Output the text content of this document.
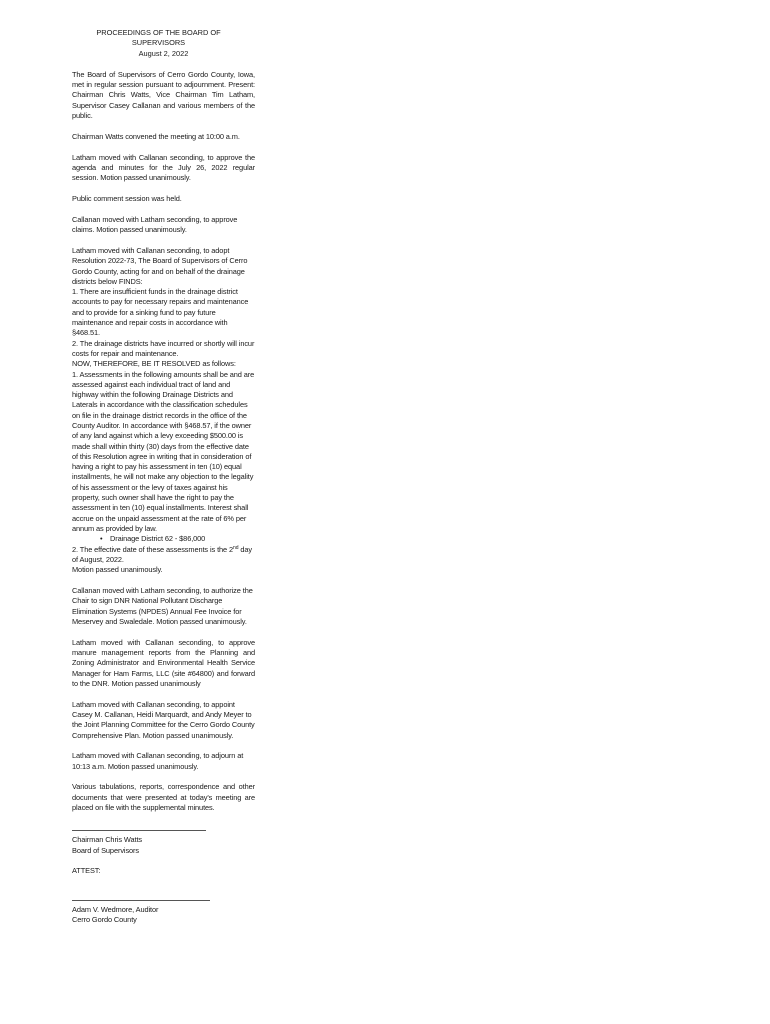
PROCEEDINGS OF THE BOARD OF SUPERVISORS
August 2, 2022

The Board of Supervisors of Cerro Gordo County, Iowa, met in regular session pursuant to adjournment. Present: Chairman Chris Watts, Vice Chairman Tim Latham, Supervisor Casey Callanan and various members of the public.

Chairman Watts convened the meeting at 10:00 a.m.

Latham moved with Callanan seconding, to approve the agenda and minutes for the July 26, 2022 regular session. Motion passed unanimously.

Public comment session was held.

Callanan moved with Latham seconding, to approve claims. Motion passed unanimously.

Latham moved with Callanan seconding, to adopt Resolution 2022-73, The Board of Supervisors of Cerro Gordo County, acting for and on behalf of the drainage districts below FINDS:

1. There are insufficient funds in the drainage district accounts to pay for necessary repairs and maintenance and to provide for a sinking fund to pay future maintenance and repair costs in accordance with §468.51.

2. The drainage districts have incurred or shortly will incur costs for repair and maintenance.

NOW, THEREFORE, BE IT RESOLVED as follows:

1. Assessments in the following amounts shall be and are assessed against each individual tract of land and highway within the following Drainage Districts and Laterals in accordance with the classification schedules on file in the drainage district records in the office of the County Auditor. In accordance with §468.57, if the owner of any land against which a levy exceeding $500.00 is made shall within thirty (30) days from the effective date of this Resolution agree in writing that in consideration of having a right to pay his assessment in ten (10) equal installments, he will not make any objection to the legality of his assessment or the levy of taxes against his property, such owner shall have the right to pay the assessment in ten (10) equal installments. Interest shall accrue on the unpaid assessment at the rate of 6% per annum as provided by law.

• Drainage District 62 - $86,000

2. The effective date of these assessments is the 2nd day of August, 2022.

Motion passed unanimously.

Callanan moved with Latham seconding, to authorize the Chair to sign DNR National Pollutant Discharge Elimination Systems (NPDES) Annual Fee Invoice for Meservey and Swaledale. Motion passed unanimously.

Latham moved with Callanan seconding, to approve manure management reports from the Planning and Zoning Administrator and Environmental Health Service Manager for Ham Farms, LLC (site #64800) and forward to the DNR. Motion passed unanimously

Latham moved with Callanan seconding, to appoint Casey M. Callanan, Heidi Marquardt, and Andy Meyer to the Joint Planning Committee for the Cerro Gordo County Comprehensive Plan. Motion passed unanimously.

Latham moved with Callanan seconding, to adjourn at 10:13 a.m. Motion passed unanimously.

Various tabulations, reports, correspondence and other documents that were presented at today's meeting are placed on file with the supplemental minutes.

Chairman Chris Watts
Board of Supervisors
ATTEST:
Adam V. Wedmore, Auditor
Cerro Gordo County
